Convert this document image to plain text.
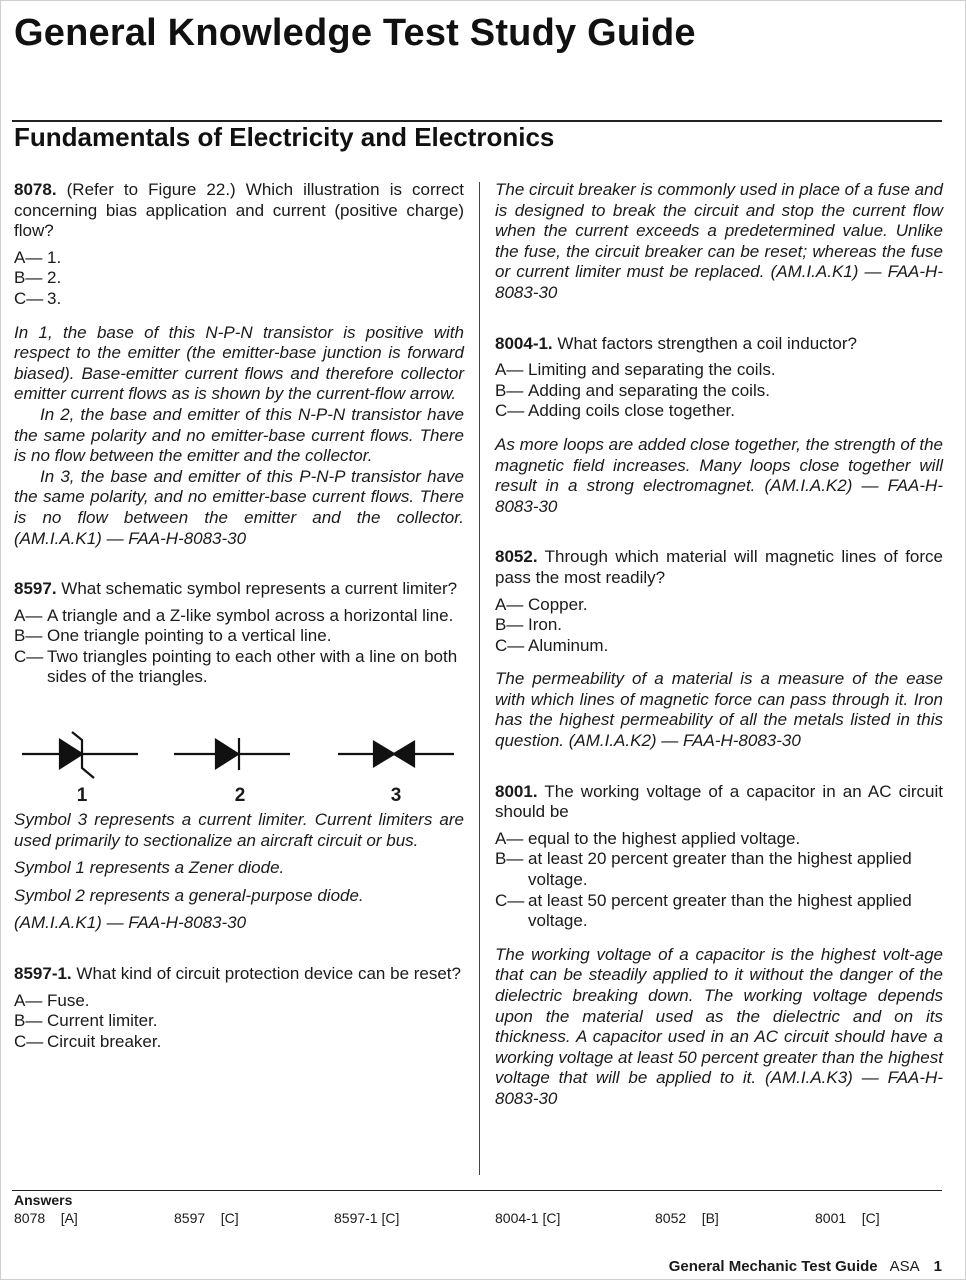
General Knowledge Test Study Guide
Fundamentals of Electricity and Electronics

8078. (Refer to Figure 22.) Which illustration is correct concerning bias application and current (positive charge) flow?

A— 1.
B— 2.
C— 3.

In 1, the base of this N-P-N transistor is positive with respect to the emitter (the emitter-base junction is forward biased). Base-emitter current flows and therefore collector emitter current flows as is shown by the current-flow arrow.

In 2, the base and emitter of this N-P-N transistor have the same polarity and no emitter-base current flows. There is no flow between the emitter and the collector.

In 3, the base and emitter of this P-N-P transistor have the same polarity, and no emitter-base current flows. There is no flow between the emitter and the collector. (AM.I.A.K1) — FAA-H-8083-30

8597. What schematic symbol represents a current limiter?

A— A triangle and a Z-like symbol across a horizontal line.
B— One triangle pointing to a vertical line.
C— Two triangles pointing to each other with a line on both sides of the triangles.
1	2	3

Symbol 3 represents a current limiter. Current limiters are used primarily to sectionalize an aircraft circuit or bus.

Symbol 1 represents a Zener diode.

Symbol 2 represents a general-purpose diode.

(AM.I.A.K1) — FAA-H-8083-30

8597-1. What kind of circuit protection device can be reset?

A— Fuse.
B— Current limiter.
C— Circuit breaker.

The circuit breaker is commonly used in place of a fuse and is designed to break the circuit and stop the current flow when the current exceeds a predetermined value. Unlike the fuse, the circuit breaker can be reset; whereas the fuse or current limiter must be replaced. (AM.I.A.K1) — FAA-H-8083-30

8004-1. What factors strengthen a coil inductor?

A— Limiting and separating the coils.
B— Adding and separating the coils.
C— Adding coils close together.

As more loops are added close together, the strength of the magnetic field increases. Many loops close together will result in a strong electromagnet. (AM.I.A.K2) — FAA-H-8083-30

8052. Through which material will magnetic lines of force pass the most readily?

A— Copper.
B— Iron.
C— Aluminum.

The permeability of a material is a measure of the ease with which lines of magnetic force can pass through it. Iron has the highest permeability of all the metals listed in this question. (AM.I.A.K2) — FAA-H-8083-30

8001. The working voltage of a capacitor in an AC circuit should be

A— equal to the highest applied voltage.
B— at least 20 percent greater than the highest applied voltage.
C— at least 50 percent greater than the highest applied voltage.

The working voltage of a capacitor is the highest volt-age that can be steadily applied to it without the danger of the dielectric breaking down. The working voltage depends upon the material used as the dielectric and on its thickness. A capacitor used in an AC circuit should have a working voltage at least 50 percent greater than the highest voltage that will be applied to it. (AM.I.A.K3) — FAA-H-8083-30

Answers

8078    [A]	8597    [C]	8597-1 [C]	8004-1 [C]	8052    [B]	8001    [C]
General Mechanic Test Guide ASA 1
